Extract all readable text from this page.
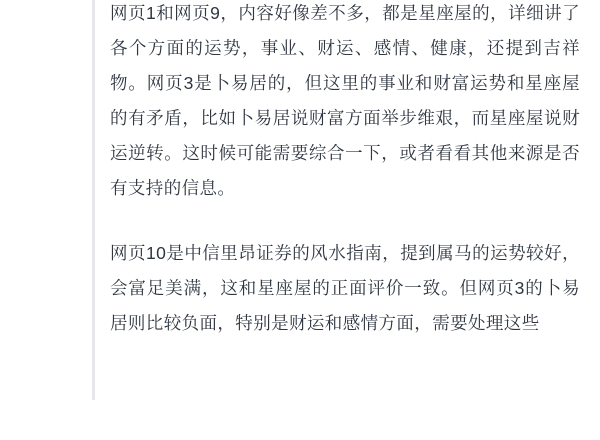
网页1和网页9，内容好像差不多，都是星座屋的，详细讲了各个方面的运势，事业、财运、感情、健康，还提到吉祥物。网页3是卜易居的，但这里的事业和财富运势和星座屋的有矛盾，比如卜易居说财富方面举步维艰，而星座屋说财运逆转。这时候可能需要综合一下，或者看看其他来源是否有支持的信息。

网页10是中信里昂证券的风水指南，提到属马的运势较好，会富足美满，这和星座屋的正面评价一致。但网页3的卜易居则比较负面，特别是财运和感情方面，需要处理这些
